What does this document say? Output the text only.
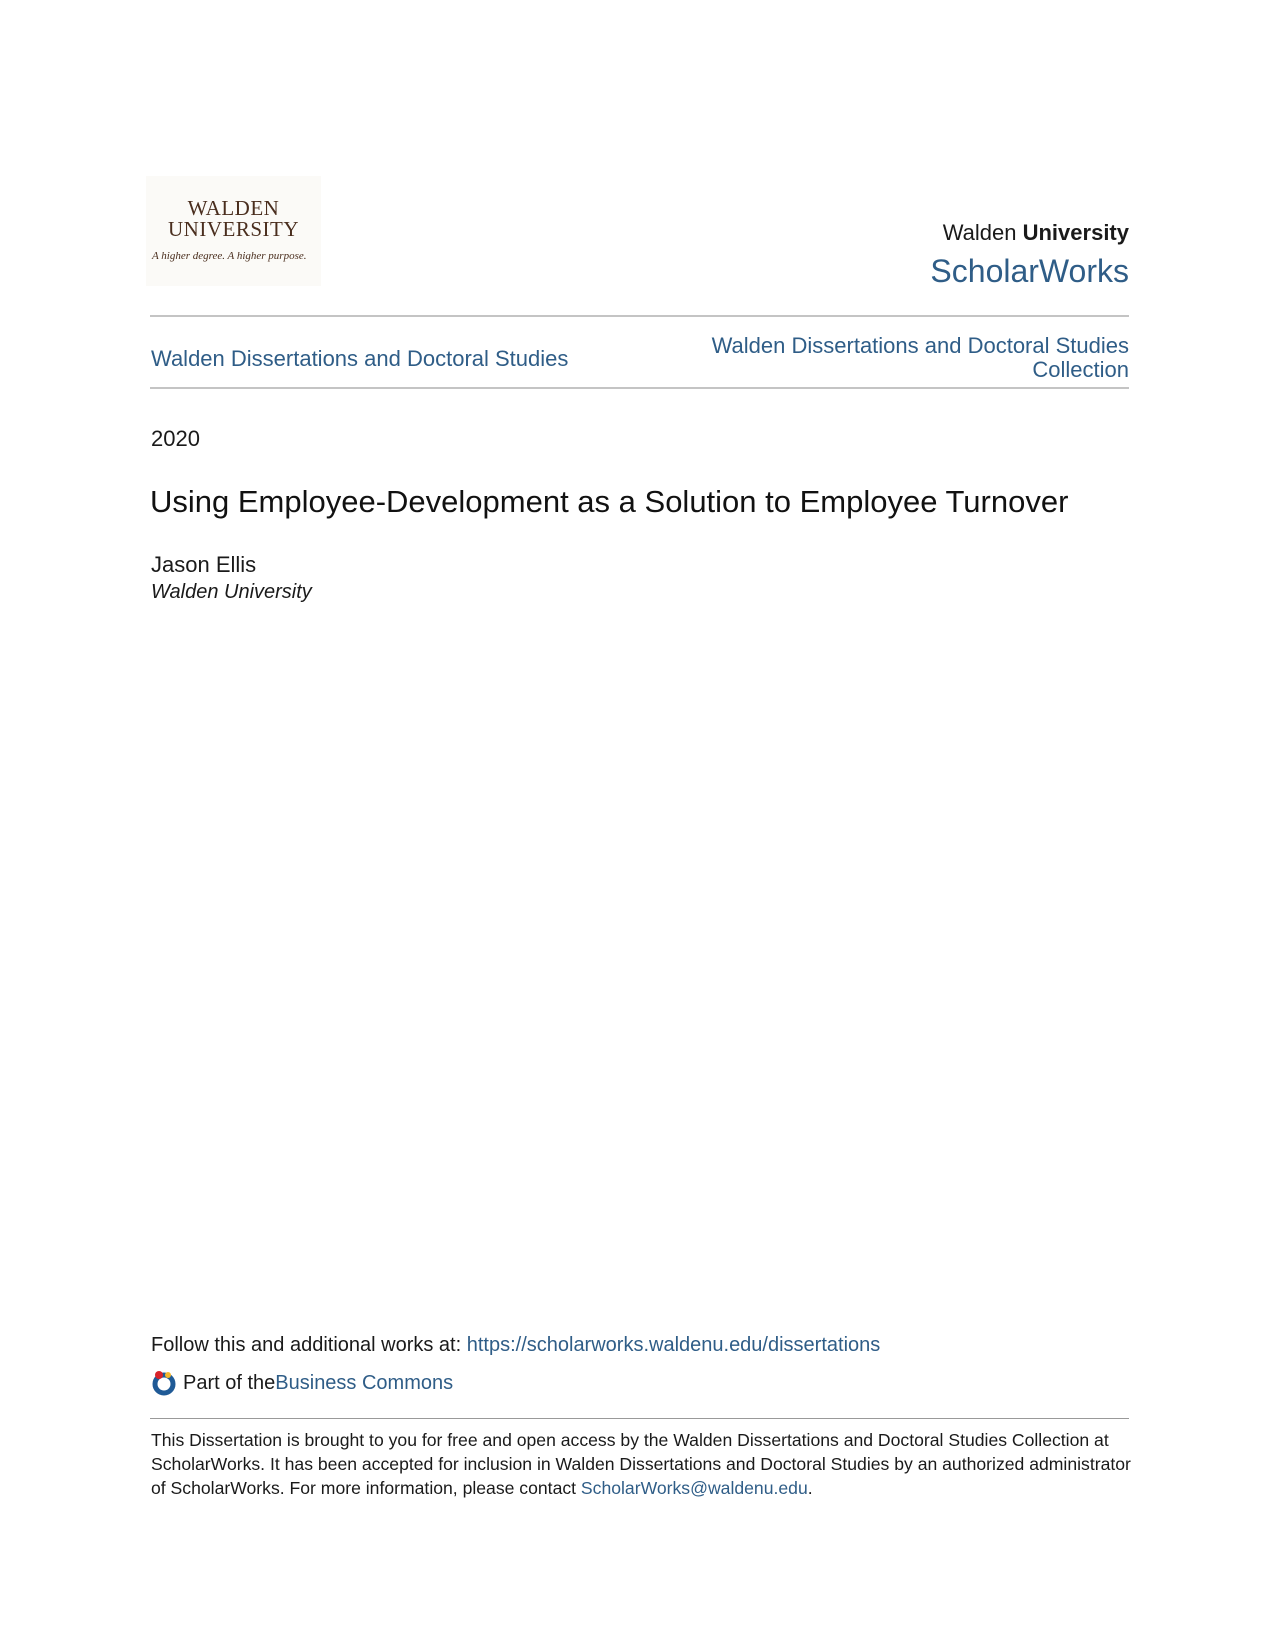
WALDEN
UNIVERSITY
A higher degree. A higher purpose.
Walden University
ScholarWorks
Walden Dissertations and Doctoral Studies
Walden Dissertations and Doctoral Studies
Collection
2020
Using Employee-Development as a Solution to Employee Turnover
Jason Ellis
Walden University
Follow this and additional works at: https://scholarworks.waldenu.edu/dissertations
Part of the Business Commons
This Dissertation is brought to you for free and open access by the Walden Dissertations and Doctoral Studies Collection at ScholarWorks. It has been accepted for inclusion in Walden Dissertations and Doctoral Studies by an authorized administrator of ScholarWorks. For more information, please contact ScholarWorks@waldenu.edu.
